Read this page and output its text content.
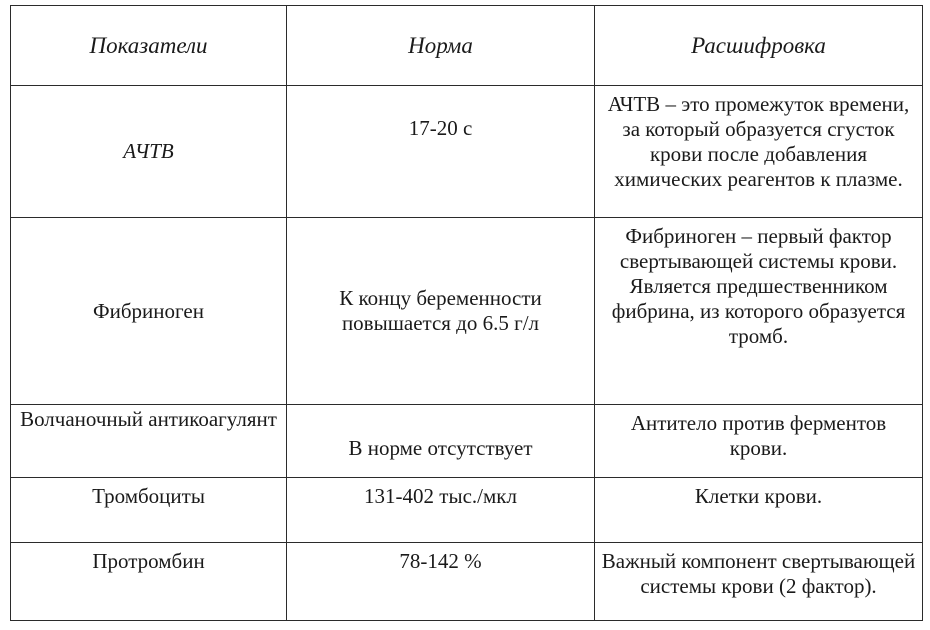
Показатели	Норма	Расшифровка
АЧТВ	17-20 с	АЧТВ – это промежуток времени, за который образуется сгусток крови после добавления химических реагентов к плазме.
Фибриноген	К концу беременности повышается до 6.5 г/л	Фибриноген – первый фактор свертывающей системы крови. Является предшественником фибрина, из которого образуется тромб.
Волчаночный антикоагулянт	В норме отсутствует	Антитело против ферментов крови.
Тромбоциты	131-402 тыс./мкл	Клетки крови.
Протромбин	78-142 %	Важный компонент свертывающей системы крови (2 фактор).
